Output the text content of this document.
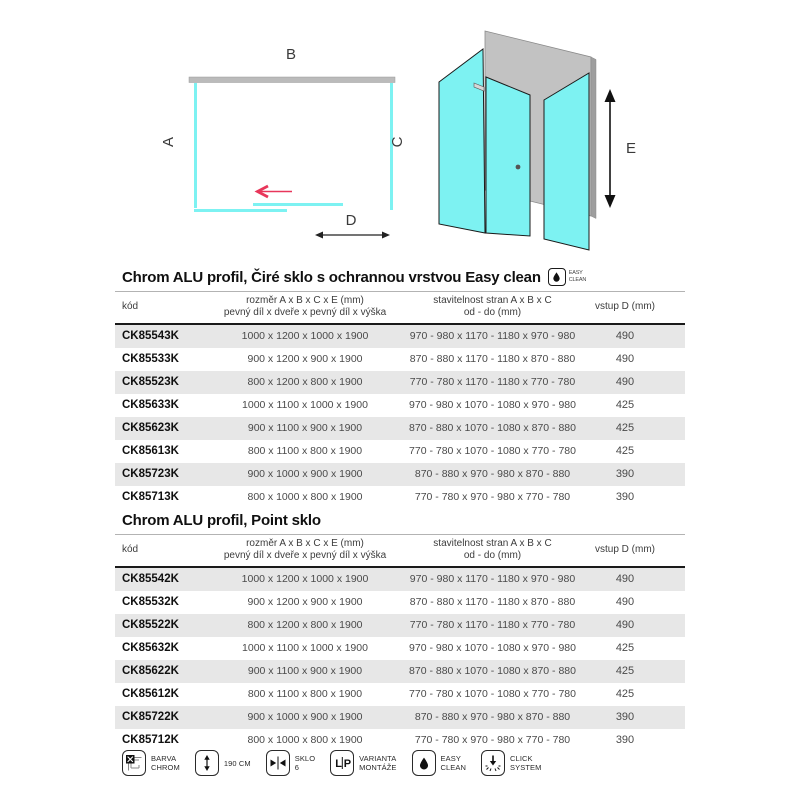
B
A	C
D
E
Chrom ALU profil, Čiré sklo s ochrannou vrstvou Easy clean	EASY
CLEAN
kód
rozměr A x B x C x E (mm)
pevný díl x dveře x pevný díl x výška
stavitelnost stran A x B x C
od - do (mm)
vstup D (mm)
CK85543K	1000 x 1200 x 1000 x 1900	970 - 980 x 1170 - 1180 x 970 - 980	490
CK85533K	900 x 1200 x 900 x 1900	870 - 880 x 1170 - 1180 x 870 - 880	490
CK85523K	800 x 1200 x 800 x 1900	770 - 780 x 1170 - 1180 x 770 - 780	490
CK85633K	1000 x 1100 x 1000 x 1900	970 - 980 x 1070 - 1080 x 970 - 980	425
CK85623K	900 x 1100 x 900 x 1900	870 - 880 x 1070 - 1080 x 870 - 880	425
CK85613K	800 x 1100 x 800 x 1900	770 - 780 x 1070 - 1080 x 770 - 780	425
CK85723K	900 x 1000 x 900 x 1900	870 - 880 x 970 - 980 x 870 - 880	390
CK85713K	800 x 1000 x 800 x 1900	770 - 780 x 970 - 980 x 770 - 780	390
Chrom ALU profil, Point sklo
kód
rozměr A x B x C x E (mm)
pevný díl x dveře x pevný díl x výška
stavitelnost stran A x B x C
od - do (mm)
vstup D (mm)
CK85542K	1000 x 1200 x 1000 x 1900	970 - 980 x 1170 - 1180 x 970 - 980	490
CK85532K	900 x 1200 x 900 x 1900	870 - 880 x 1170 - 1180 x 870 - 880	490
CK85522K	800 x 1200 x 800 x 1900	770 - 780 x 1170 - 1180 x 770 - 780	490
CK85632K	1000 x 1100 x 1000 x 1900	970 - 980 x 1070 - 1080 x 970 - 980	425
CK85622K	900 x 1100 x 900 x 1900	870 - 880 x 1070 - 1080 x 870 - 880	425
CK85612K	800 x 1100 x 800 x 1900	770 - 780 x 1070 - 1080 x 770 - 780	425
CK85722K	900 x 1000 x 900 x 1900	870 - 880 x 970 - 980 x 870 - 880	390
CK85712K	800 x 1000 x 800 x 1900	770 - 780 x 970 - 980 x 770 - 780	390
BARVA
CHROM	190 CM	SKLO
6	L P VARIANTA
MONTÁŽE
EASY
CLEAN
CLICK
SYSTEM
